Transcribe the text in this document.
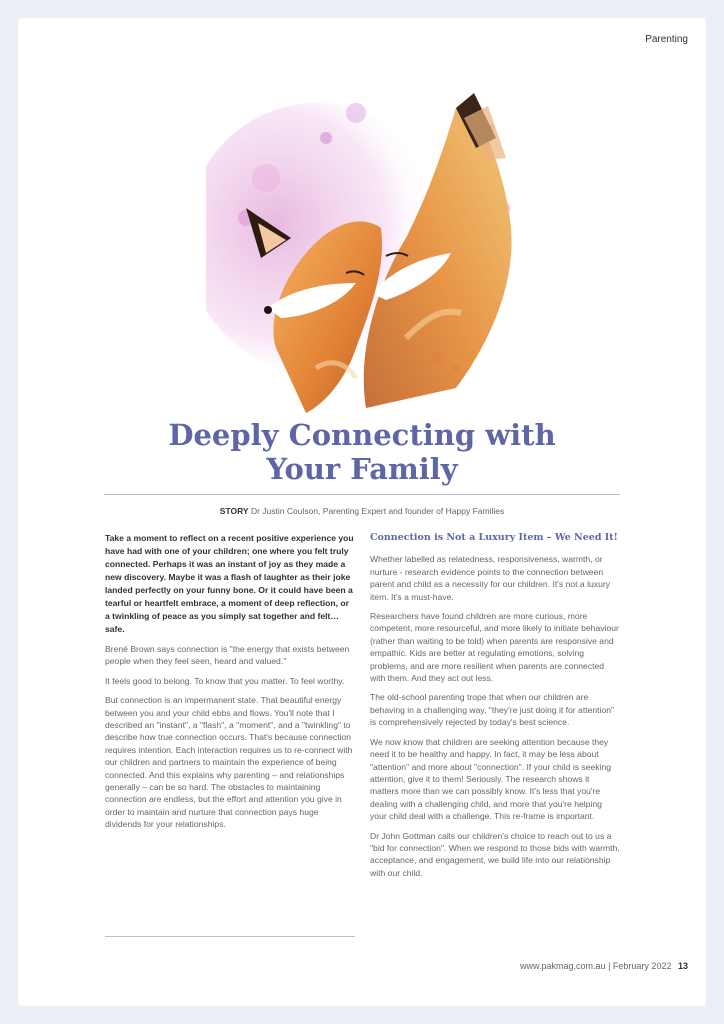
Parenting
Deeply Connecting with
Your Family
STORY Dr Justin Coulson, Parenting Expert and founder of Happy Families

Take a moment to reflect on a recent positive experience you have had with one of your children; one where you felt truly connected. Perhaps it was an instant of joy as they made a new discovery. Maybe it was a flash of laughter as their joke landed perfectly on your funny bone. Or it could have been a tearful or heartfelt embrace, a moment of deep reflection, or a twinkling of peace as you simply sat together and felt… safe.

Brené Brown says connection is "the energy that exists between people when they feel seen, heard and valued."

It feels good to belong. To know that you matter. To feel worthy.

But connection is an impermanent state. That beautiful energy between you and your child ebbs and flows. You'll note that I described an "instant", a "flash", a "moment", and a "twinkling" to describe how true connection occurs. That's because connection requires intention. Each interaction requires us to re-connect with our children and partners to maintain the experience of being connected. And this explains why parenting – and relationships generally – can be so hard. The obstacles to maintaining connection are endless, but the effort and attention you give in order to maintain and nurture that connection pays huge dividends for your relationships.

Connection is Not a Luxury Item – We Need It!

Whether labelled as relatedness, responsiveness, warmth, or nurture - research evidence points to the connection between parent and child as a necessity for our children. It's not a luxury item. It's a must-have.

Researchers have found children are more curious, more competent, more resourceful, and more likely to initiate behaviour (rather than waiting to be told) when parents are responsive and empathic. Kids are better at regulating emotions, solving problems, and are more resilient when parents are connected with them. And they act out less.

The old-school parenting trope that when our children are behaving in a challenging way, "they're just doing it for attention" is comprehensively rejected by today's best science.

We now know that children are seeking attention because they need it to be healthy and happy. In fact, it may be less about "attention" and more about "connection". If your child is seeking attention, give it to them! Seriously. The research shows it matters more than we can possibly know. It's less that you're dealing with a challenging child, and more that you're helping your child deal with a challenge. This re-frame is important.

Dr John Gottman calls our children's choice to reach out to us a "bid for connection". When we respond to those bids with warmth, acceptance, and engagement, we build life into our relationship with our child.

www.pakmag.com.au | February 2022 13
